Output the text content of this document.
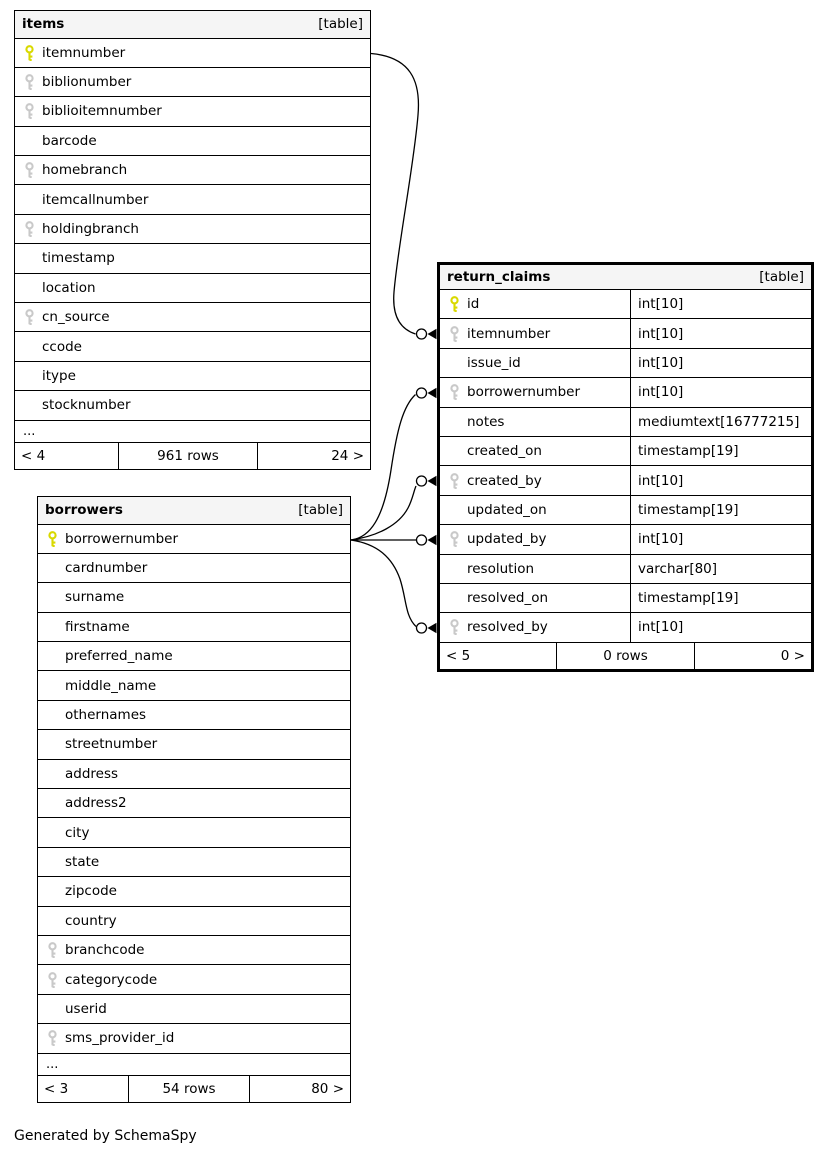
items	[table]
itemnumber
biblionumber
biblioitemnumber
barcode
homebranch
itemcallnumber
holdingbranch
timestamp
location
cn_source
ccode
itype
stocknumber
...
< 4	961 rows	24 >
return_claims	[table]
id	int[10]
itemnumber	int[10]
issue_id	int[10]
borrowernumber	int[10]
notes	mediumtext[16777215]
created_on	timestamp[19]
created_by	int[10]
updated_on	timestamp[19]
updated_by	int[10]
resolution	varchar[80]
resolved_on	timestamp[19]
resolved_by	int[10]
< 5	0 rows	0 >
borrowers	[table]
borrowernumber
cardnumber
surname
firstname
preferred_name
middle_name
othernames
streetnumber
address
address2
city
state
zipcode
country
branchcode
categorycode
userid
sms_provider_id
...
< 3	54 rows	80 >
Generated by SchemaSpy
